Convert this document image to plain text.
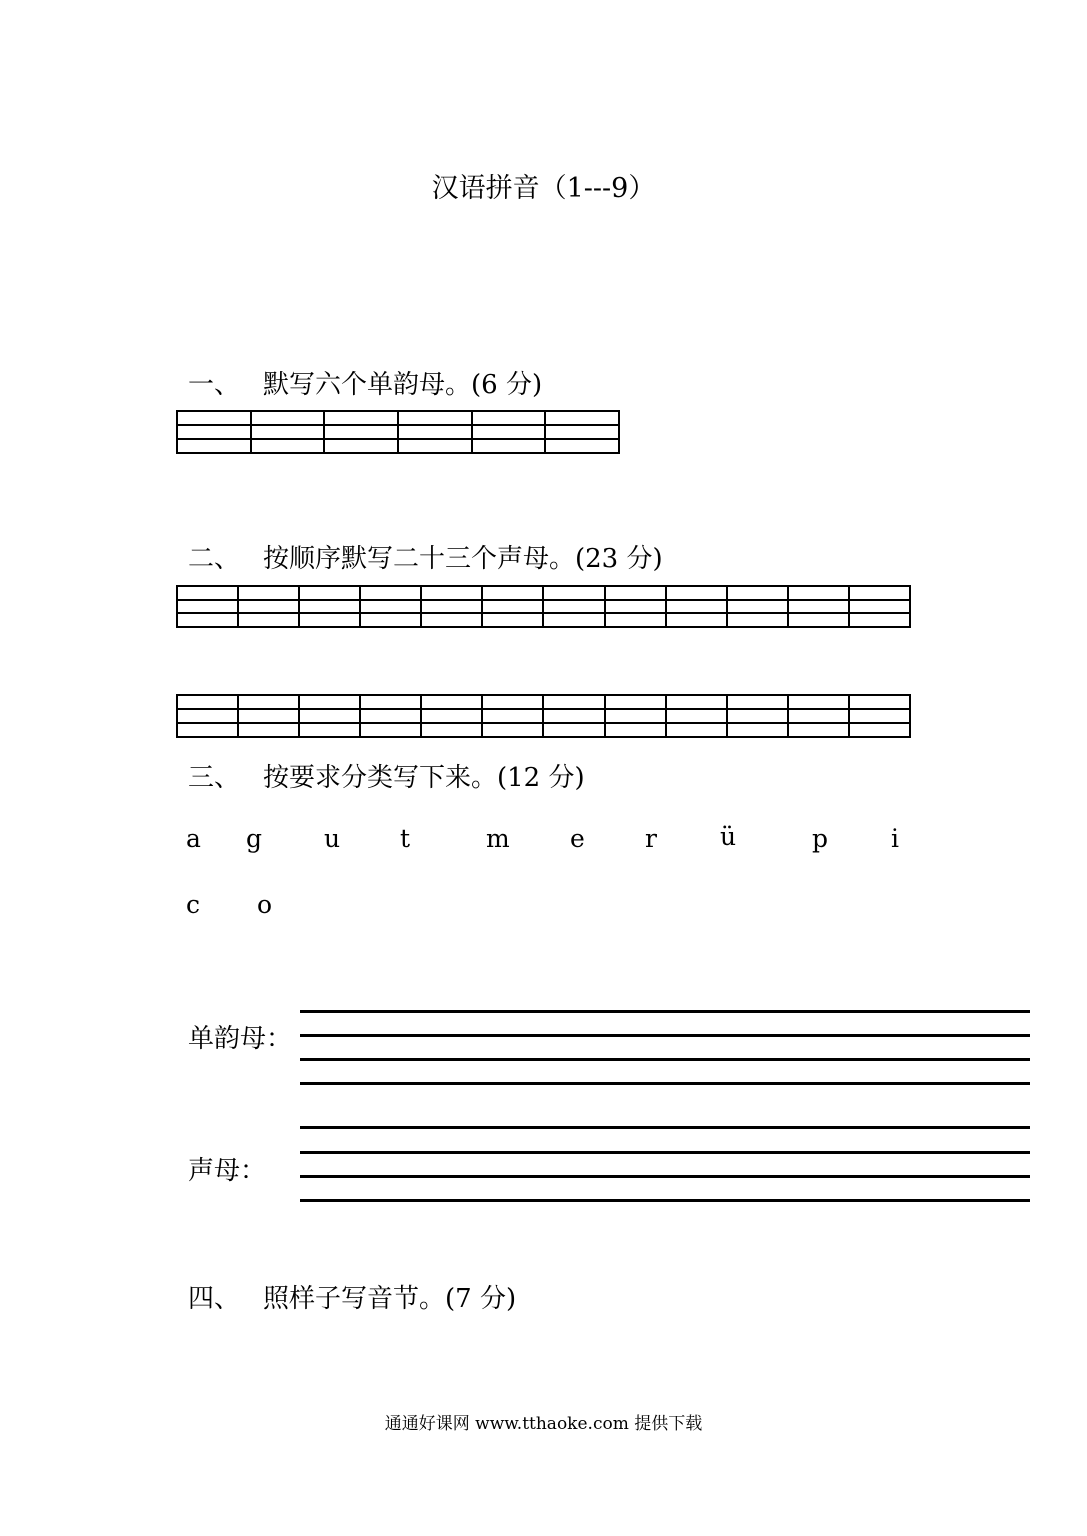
汉语拼音（1---9）
一、 默写六个单韵母。(6 分)

二、 按顺序默写二十三个声母。(23 分)

三、 按要求分类写下来。(12 分)
a g u t	m e r	ü	p	i
c o
单韵母：
声母：
四、 照样子写音节。(7 分)
通通好课网 www.tthaoke.com 提供下载
